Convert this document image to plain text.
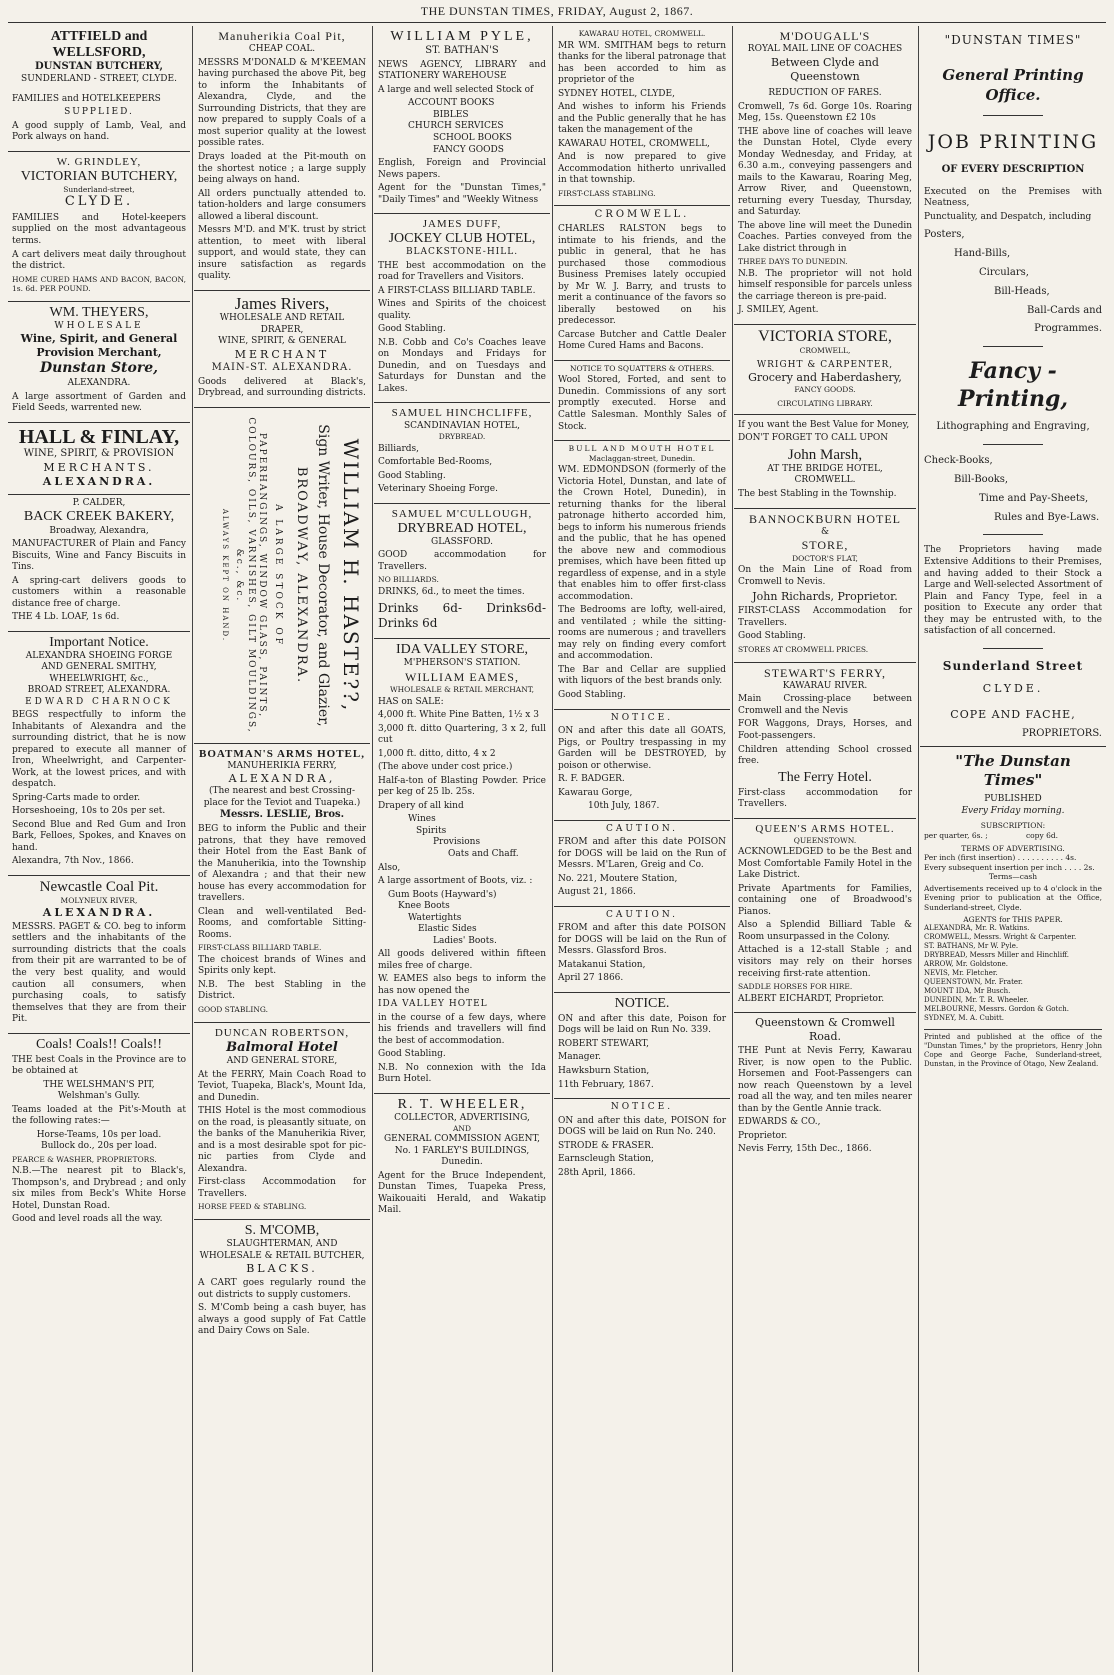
THE DUNSTAN TIMES, FRIDAY, August 2, 1867.
ATTFIELD and WELLSFORD,
DUNSTAN BUTCHERY,
SUNDERLAND - STREET, CLYDE.

FAMILIES and HOTELKEEPERS

SUPPLIED.

A good supply of Lamb, Veal, and Pork always on hand.

W. GRINDLEY,
VICTORIAN BUTCHERY,
Sunderland-street,
CLYDE.

FAMILIES and Hotel-keepers supplied on the most advantageous terms.

A cart delivers meat daily throughout the district.

HOME CURED HAMS AND BACON, BACON, 1s. 6d. PER POUND.

WM. THEYERS,
WHOLESALE
Wine, Spirit, and General
Provision Merchant,
Dunstan Store,
ALEXANDRA.

A large assortment of Garden and Field Seeds, warrented new.

HALL & FINLAY,
WINE, SPIRIT, & PROVISION
MERCHANTS.
ALEXANDRA.
P. CALDER,
BACK CREEK BAKERY,
Broadway, Alexandra,

MANUFACTURER of Plain and Fancy Biscuits, Wine and Fancy Biscuits in Tins.

A spring-cart delivers goods to customers within a reasonable distance free of charge.

THE 4 Lb. LOAF, 1s 6d.

Important Notice.
ALEXANDRA SHOEING FORGE
AND GENERAL SMITHY, WHEELWRIGHT, &c.,
BROAD STREET, ALEXANDRA.
EDWARD CHARNOCK

BEGS respectfully to inform the Inhabitants of Alexandra and the surrounding district, that he is now prepared to execute all manner of Iron, Wheelwright, and Carpenter-Work, at the lowest prices, and with despatch.

Spring-Carts made to order.

Horseshoeing, 10s to 20s per set.

Second Blue and Red Gum and Iron Bark, Felloes, Spokes, and Knaves on hand.

Alexandra, 7th Nov., 1866.

Newcastle Coal Pit.
MOLYNEUX RIVER,
ALEXANDRA.

MESSRS. PAGET & CO. beg to inform settlers and the inhabitants of the surrounding districts that the coals from their pit are warranted to be of the very best quality, and would caution all consumers, when purchasing coals, to satisfy themselves that they are from their Pit.

Coals! Coals!! Coals!!

THE best Coals in the Province are to be obtained at

THE WELSHMAN'S PIT,
Welshman's Gully.

Teams loaded at the Pit's-Mouth at the following rates:—

Horse-Teams, 10s per load.
Bullock do., 20s per load.

PEARCE & WASHER, PROPRIETORS.

N.B.—The nearest pit to Black's, Thompson's, and Drybread ; and only six miles from Beck's White Horse Hotel, Dunstan Road.

Good and level roads all the way.

Manuherikia Coal Pit,
CHEAP COAL.

MESSRS M'DONALD & M'KEEMAN having purchased the above Pit, beg to inform the Inhabitants of Alexandra, Clyde, and the Surrounding Districts, that they are now prepared to supply Coals of a most superior quality at the lowest possible rates.

Drays loaded at the Pit-mouth on the shortest notice ; a large supply being always on hand.

All orders punctually attended to. tation-holders and large consumers allowed a liberal discount.

Messrs M'D. and M'K. trust by strict attention, to meet with liberal support, and would state, they can insure satisfaction as regards quality.

James Rivers,
WHOLESALE AND RETAIL DRAPER,
WINE, SPIRIT, & GENERAL
MERCHANT
MAIN-ST. ALEXANDRA.

Goods delivered at Black's, Drybread, and surrounding districts.

WILLIAM H. HASTE??,
Sign Writer, House Decorator, and Glazier,
BROADWAY, ALEXANDRA.
A LARGE STOCK OF
PAPERHANGINGS, WINDOW GLASS, PAINTS, COLOURS, OILS, VARNISHES, GILT MOULDINGS, &c., &c.
ALWAYS KEPT ON HAND.
BOATMAN'S ARMS HOTEL,
MANUHERIKIA FERRY,
ALEXANDRA,
(The nearest and best Crossing-place for the Teviot and Tuapeka.)
Messrs. LESLIE, Bros.

BEG to inform the Public and their patrons, that they have removed their Hotel from the East Bank of the Manuherikia, into the Township of Alexandra ; and that their new house has every accommodation for travellers.

Clean and well-ventilated Bed-Rooms, and comfortable Sitting-Rooms.

FIRST-CLASS BILLIARD TABLE.

The choicest brands of Wines and Spirits only kept.

N.B. The best Stabling in the District.

GOOD STABLING.

DUNCAN ROBERTSON,
Balmoral Hotel
AND GENERAL STORE,

At the FERRY, Main Coach Road to Teviot, Tuapeka, Black's, Mount Ida, and Dunedin.

THIS Hotel is the most commodious on the road, is pleasantly situate, on the banks of the Manuherikia River, and is a most desirable spot for pic-nic parties from Clyde and Alexandra.

First-class Accommodation for Travellers.

HORSE FEED & STABLING.

S. M'COMB,
SLAUGHTERMAN, AND WHOLESALE & RETAIL BUTCHER,
BLACKS.

A CART goes regularly round the out districts to supply customers.

S. M'Comb being a cash buyer, has always a good supply of Fat Cattle and Dairy Cows on Sale.

WILLIAM PYLE,
ST. BATHAN'S

NEWS AGENCY, LIBRARY and STATIONERY WAREHOUSE

A large and well selected Stock of

ACCOUNT BOOKS
BIBLES
CHURCH SERVICES
SCHOOL BOOKS
FANCY GOODS

English, Foreign and Provincial News papers.

Agent for the "Dunstan Times," "Daily Times" and "Weekly Witness

JAMES DUFF,
JOCKEY CLUB HOTEL,
BLACKSTONE-HILL.

THE best accommodation on the road for Travellers and Visitors.

A FIRST-CLASS BILLIARD TABLE.

Wines and Spirits of the choicest quality.

Good Stabling.

N.B. Cobb and Co's Coaches leave on Mondays and Fridays for Dunedin, and on Tuesdays and Saturdays for Dunstan and the Lakes.

SAMUEL HINCHCLIFFE,
SCANDINAVIAN HOTEL,
DRYBREAD.

Billiards,

Comfortable Bed-Rooms,

Good Stabling.

Veterinary Shoeing Forge.

SAMUEL M'CULLOUGH,
DRYBREAD HOTEL,
GLASSFORD.

GOOD accommodation for Travellers.

NO BILLIARDS.

DRINKS, 6d., to meet the times.

Drinks 6d- Drinks6d- Drinks 6d

IDA VALLEY STORE,
M'PHERSON'S STATION.
WILLIAM EAMES,
WHOLESALE & RETAIL MERCHANT,

HAS on SALE:

4,000 ft. White Pine Batten, 1½ x 3

3,000 ft. ditto Quartering, 3 x 2, full cut

1,000 ft. ditto, ditto, 4 x 2

(The above under cost price.)

Half-a-ton of Blasting Powder. Price per keg of 25 lb. 25s.

Drapery of all kind

Wines
Spirits
Provisions
Oats and Chaff.

Also,

A large assortment of Boots, viz. :

Gum Boots (Hayward's)
Knee Boots
Watertights
Elastic Sides
Ladies' Boots.

All goods delivered within fifteen miles free of charge.

W. EAMES also begs to inform the has now opened the

IDA VALLEY HOTEL

in the course of a few days, where his friends and travellers will find the best of accommodation.

Good Stabling.

N.B. No connexion with the Ida Burn Hotel.

R. T. WHEELER,
COLLECTOR, ADVERTISING,
AND
GENERAL COMMISSION AGENT,
No. 1 FARLEY'S BUILDINGS,
Dunedin.

Agent for the Bruce Independent, Dunstan Times, Tuapeka Press, Waikouaiti Herald, and Wakatip Mail.

KAWARAU HOTEL, CROMWELL.

MR WM. SMITHAM begs to return thanks for the liberal patronage that has been accorded to him as proprietor of the

SYDNEY HOTEL, CLYDE,

And wishes to inform his Friends and the Public generally that he has taken the management of the

KAWARAU HOTEL, CROMWELL,

And is now prepared to give Accommodation hitherto unrivalled in that township.

FIRST-CLASS STABLING.

CROMWELL.

CHARLES RALSTON begs to intimate to his friends, and the public in general, that he has purchased those commodious Business Premises lately occupied by Mr W. J. Barry, and trusts to merit a continuance of the favors so liberally bestowed on his predecessor.

Carcase Butcher and Cattle Dealer Home Cured Hams and Bacons.

NOTICE TO SQUATTERS & OTHERS.

Wool Stored, Forted, and sent to Dunedin. Commissions of any sort promptly executed. Horse and Cattle Salesman. Monthly Sales of Stock.

BULL AND MOUTH HOTEL
Maclaggan-street, Dunedin.

WM. EDMONDSON (formerly of the Victoria Hotel, Dunstan, and late of the Crown Hotel, Dunedin), in returning thanks for the liberal patronage hitherto accorded him, begs to inform his numerous friends and the public, that he has opened the above new and commodious premises, which have been fitted up regardless of expense, and in a style that enables him to offer first-class accommodation.

The Bedrooms are lofty, well-aired, and ventilated ; while the sitting-rooms are numerous ; and travellers may rely on finding every comfort and accommodation.

The Bar and Cellar are supplied with liquors of the best brands only.

Good Stabling.

NOTICE.

ON and after this date all GOATS, Pigs, or Poultry trespassing in my Garden will be DESTROYED, by poison or otherwise.

R. F. BADGER.

Kawarau Gorge,

10th July, 1867.

CAUTION.

FROM and after this date POISON for DOGS will be laid on the Run of Messrs. M'Laren, Greig and Co.

No. 221, Moutere Station,

August 21, 1866.

CAUTION.

FROM and after this date POISON for DOGS will be laid on the Run of Messrs. Glassford Bros.

Matakanui Station,

April 27 1866.

NOTICE.

ON and after this date, Poison for Dogs will be laid on Run No. 339.

ROBERT STEWART,

Manager.

Hawksburn Station,

11th February, 1867.

NOTICE.

ON and after this date, POISON for DOGS will be laid on Run No. 240.

STRODE & FRASER.

Earnscleugh Station,

28th April, 1866.

M'DOUGALL'S
ROYAL MAIL LINE OF COACHES
Between Clyde and Queenstown
REDUCTION OF FARES.

Cromwell, 7s 6d. Gorge 10s. Roaring Meg, 15s. Queenstown £2 10s

THE above line of coaches will leave the Dunstan Hotel, Clyde every Monday Wednesday, and Friday, at 6.30 a.m., conveying passengers and mails to the Kawarau, Roaring Meg, Arrow River, and Queenstown, returning every Tuesday, Thursday, and Saturday.

The above line will meet the Dunedin Coaches. Parties conveyed from the Lake district through in

THREE DAYS TO DUNEDIN.

N.B. The proprietor will not hold himself responsible for parcels unless the carriage thereon is pre-paid.

J. SMILEY, Agent.

VICTORIA STORE,
CROMWELL,
WRIGHT & CARPENTER,
Grocery and Haberdashery,
FANCY GOODS.
CIRCULATING LIBRARY.

If you want the Best Value for Money,

DON'T FORGET TO CALL UPON

John Marsh,
AT THE BRIDGE HOTEL,
CROMWELL.

The best Stabling in the Township.

BANNOCKBURN HOTEL
&
STORE,
DOCTOR'S FLAT,

On the Main Line of Road from Cromwell to Nevis.

John Richards, Proprietor.

FIRST-CLASS Accommodation for Travellers.

Good Stabling.

STORES AT CROMWELL PRICES.

STEWART'S FERRY,
KAWARAU RIVER.

Main Crossing-place between Cromwell and the Nevis

FOR Waggons, Drays, Horses, and Foot-passengers.

Children attending School crossed free.

The Ferry Hotel.

First-class accommodation for Travellers.

QUEEN'S ARMS HOTEL.
QUEENSTOWN.

ACKNOWLEDGED to be the Best and Most Comfortable Family Hotel in the Lake District.

Private Apartments for Families, containing one of Broadwood's Pianos.

Also a Splendid Billiard Table & Room unsurpassed in the Colony.

Attached is a 12-stall Stable ; and visitors may rely on their horses receiving first-rate attention.

SADDLE HORSES FOR HIRE.

ALBERT EICHARDT, Proprietor.

Queenstown & Cromwell Road.

THE Punt at Nevis Ferry, Kawarau River, is now open to the Public. Horsemen and Foot-Passengers can now reach Queenstown by a level road all the way, and ten miles nearer than by the Gentle Annie track.

EDWARDS & CO.,

Proprietor.

Nevis Ferry, 15th Dec., 1866.

"DUNSTAN TIMES"
General Printing Office.
JOB PRINTING
OF EVERY DESCRIPTION

Executed on the Premises with Neatness,

Punctuality, and Despatch, including

Posters,
Hand-Bills,
Circulars,
Bill-Heads,
Ball-Cards and
Programmes.
Fancy - Printing,
Lithographing and Engraving,
Check-Books,
Bill-Books,
Time and Pay-Sheets,
Rules and Bye-Laws.

The Proprietors having made Extensive Additions to their Premises, and having added to their Stock a Large and Well-selected Assortment of Plain and Fancy Type, feel in a position to Execute any order that they may be entrusted with, to the satisfaction of all concerned.

Sunderland Street
CLYDE.
COPE AND FACHE,
PROPRIETORS.
"The Dunstan Times"
PUBLISHED
Every Friday morning.
SUBSCRIPTION:
per quarter, 6s. ;                copy 6d.
TERMS OF ADVERTISING.
Per inch (first insertion) . . . . . . . . . . 4s.
Every subsequent insertion per inch . . . . 2s.
Terms—cash

Advertisements received up to 4 o'clock in the Evening prior to publication at the Office, Sunderland-street, Clyde.

AGENTS for THIS PAPER.
ALEXANDRA, Mr. R. Watkins.
CROMWELL, Messrs. Wright & Carpenter.
ST. BATHANS, Mr W. Pyle.
DRYBREAD, Messrs Miller and Hinchliff.
ARROW, Mr. Goldstone.
NEVIS, Mr. Fletcher.
QUEENSTOWN, Mr. Frater.
MOUNT IDA, Mr Busch.
DUNEDIN, Mr. T. R. Wheeler.
MELBOURNE, Messrs. Gordon & Gotch.
SYDNEY, M. A. Cubitt.

Printed and published at the office of the "Dunstan Times," by the proprietors, Henry John Cope and George Fache, Sunderland-street, Dunstan, in the Province of Otago, New Zealand.
